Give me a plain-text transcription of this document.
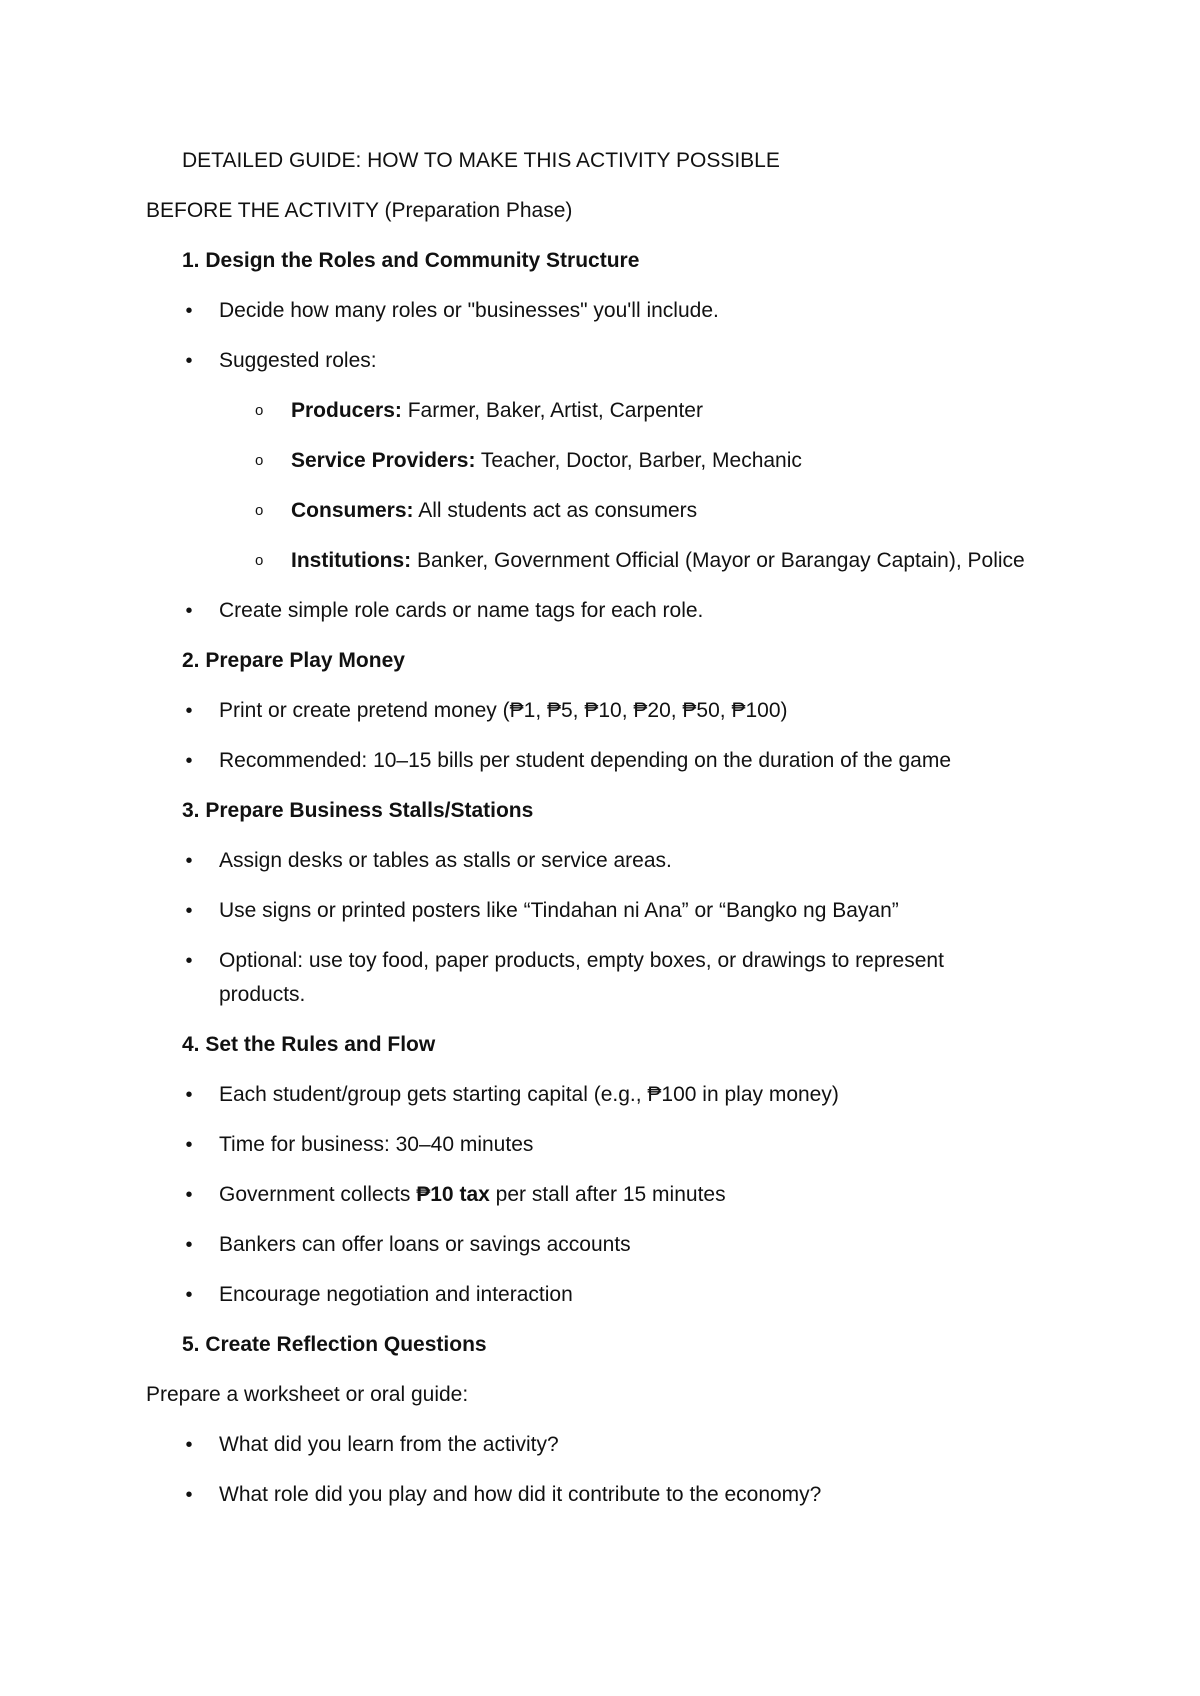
DETAILED GUIDE: HOW TO MAKE THIS ACTIVITY POSSIBLE
BEFORE THE ACTIVITY (Preparation Phase)
1. Design the Roles and Community Structure
• Decide how many roles or "businesses" you'll include.
• Suggested roles:
o Producers: Farmer, Baker, Artist, Carpenter
o Service Providers: Teacher, Doctor, Barber, Mechanic
o Consumers: All students act as consumers
o Institutions: Banker, Government Official (Mayor or Barangay Captain), Police
• Create simple role cards or name tags for each role.
2. Prepare Play Money
• Print or create pretend money (₱1, ₱5, ₱10, ₱20, ₱50, ₱100)
• Recommended: 10–15 bills per student depending on the duration of the game
3. Prepare Business Stalls/Stations
• Assign desks or tables as stalls or service areas.
• Use signs or printed posters like “Tindahan ni Ana” or “Bangko ng Bayan”
• Optional: use toy food, paper products, empty boxes, or drawings to represent
products.
4. Set the Rules and Flow
• Each student/group gets starting capital (e.g., ₱100 in play money)
• Time for business: 30–40 minutes
• Government collects ₱10 tax per stall after 15 minutes
• Bankers can offer loans or savings accounts
• Encourage negotiation and interaction
5. Create Reflection Questions
Prepare a worksheet or oral guide:
• What did you learn from the activity?
• What role did you play and how did it contribute to the economy?
